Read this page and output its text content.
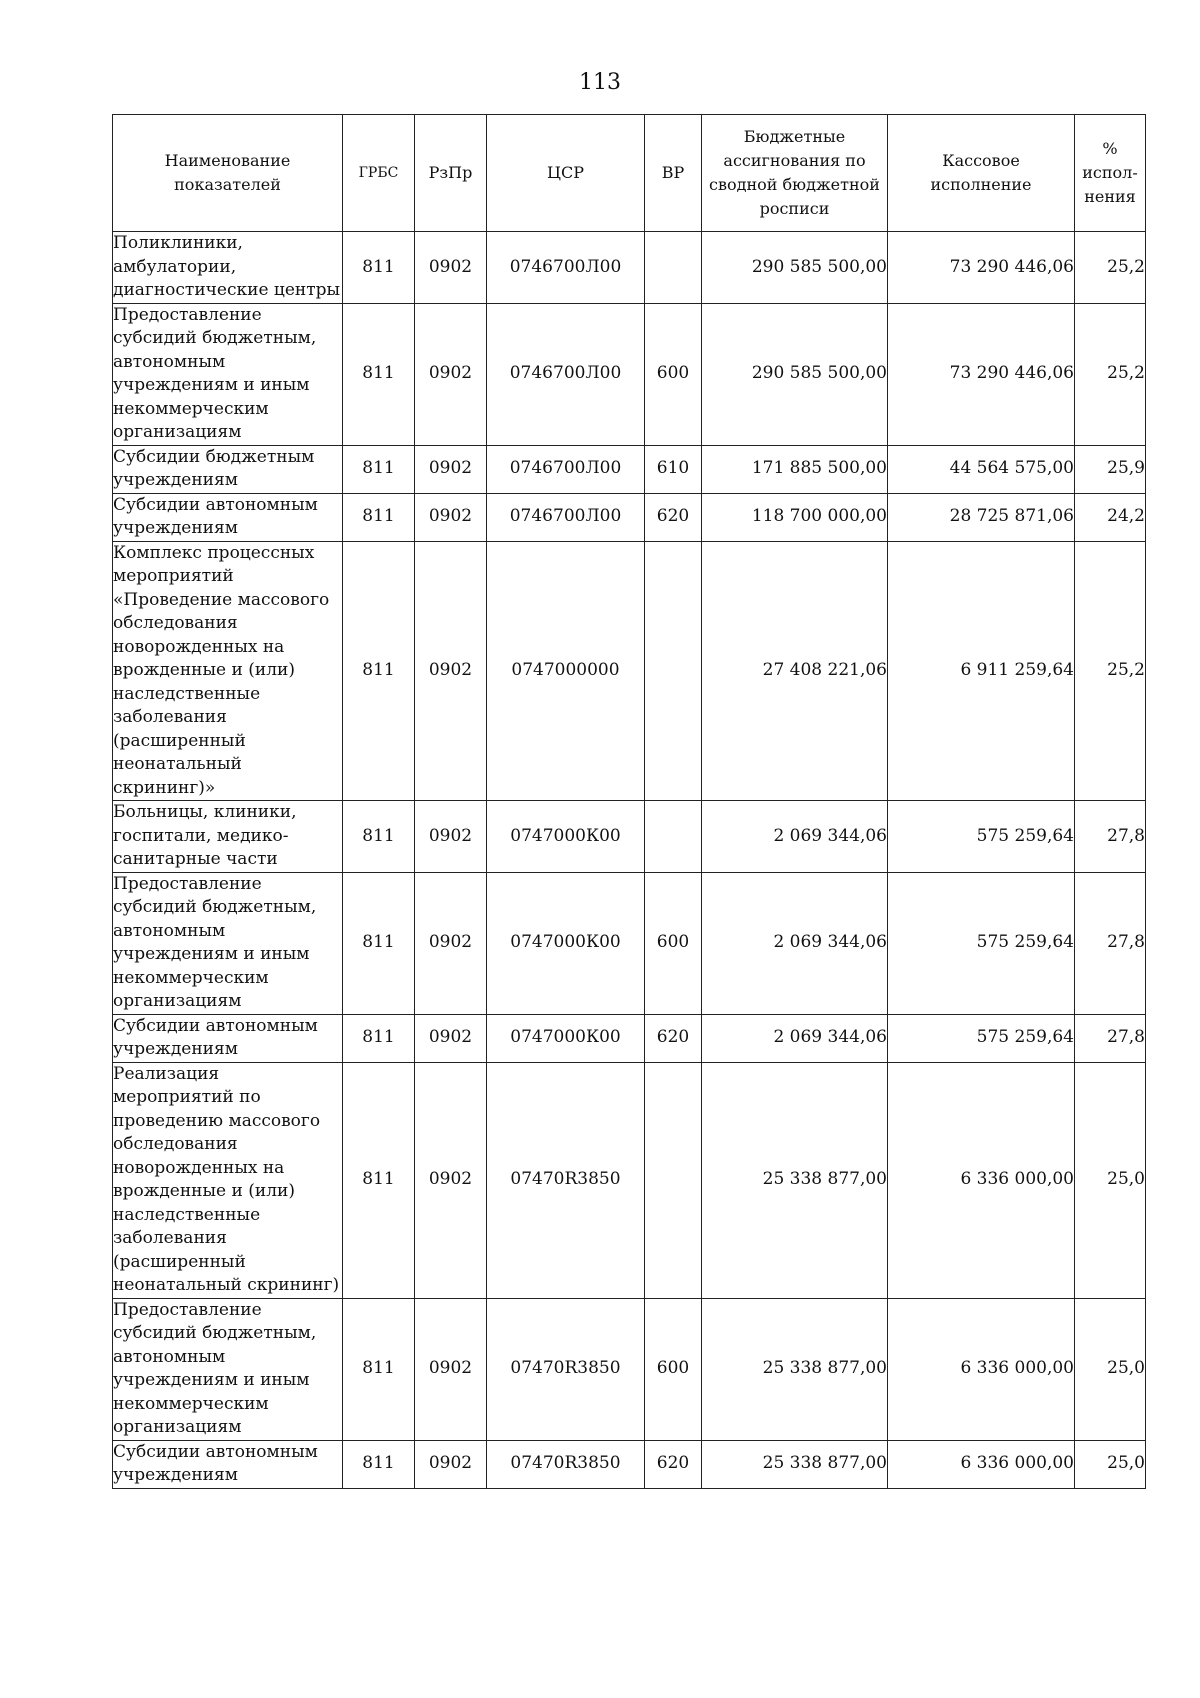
113
Наименование показателей	ГРБС	РзПр	ЦСР	ВР	Бюджетные ассигнования по сводной бюджетной росписи	Кассовое исполнение	% испол-нения
Поликлиники, амбулатории, диагностические центры	811	0902	0746700Л00		290 585 500,00	73 290 446,06	25,2
Предоставление субсидий бюджетным, автономным учреждениям и иным некоммерческим организациям	811	0902	0746700Л00	600	290 585 500,00	73 290 446,06	25,2
Субсидии бюджетным учреждениям	811	0902	0746700Л00	610	171 885 500,00	44 564 575,00	25,9
Субсидии автономным учреждениям	811	0902	0746700Л00	620	118 700 000,00	28 725 871,06	24,2
Комплекс процессных мероприятий «Проведение массового обследования новорожденных на врожденные и (или) наследственные заболевания (расширенный неонатальный скрининг)»	811	0902	0747000000		27 408 221,06	6 911 259,64	25,2
Больницы, клиники, госпитали, медико-санитарные части	811	0902	0747000К00		2 069 344,06	575 259,64	27,8
Предоставление субсидий бюджетным, автономным учреждениям и иным некоммерческим организациям	811	0902	0747000К00	600	2 069 344,06	575 259,64	27,8
Субсидии автономным учреждениям	811	0902	0747000К00	620	2 069 344,06	575 259,64	27,8
Реализация мероприятий по проведению массового обследования новорожденных на врожденные и (или) наследственные заболевания (расширенный неонатальный скрининг)	811	0902	07470R3850		25 338 877,00	6 336 000,00	25,0
Предоставление субсидий бюджетным, автономным учреждениям и иным некоммерческим организациям	811	0902	07470R3850	600	25 338 877,00	6 336 000,00	25,0
Субсидии автономным учреждениям	811	0902	07470R3850	620	25 338 877,00	6 336 000,00	25,0
